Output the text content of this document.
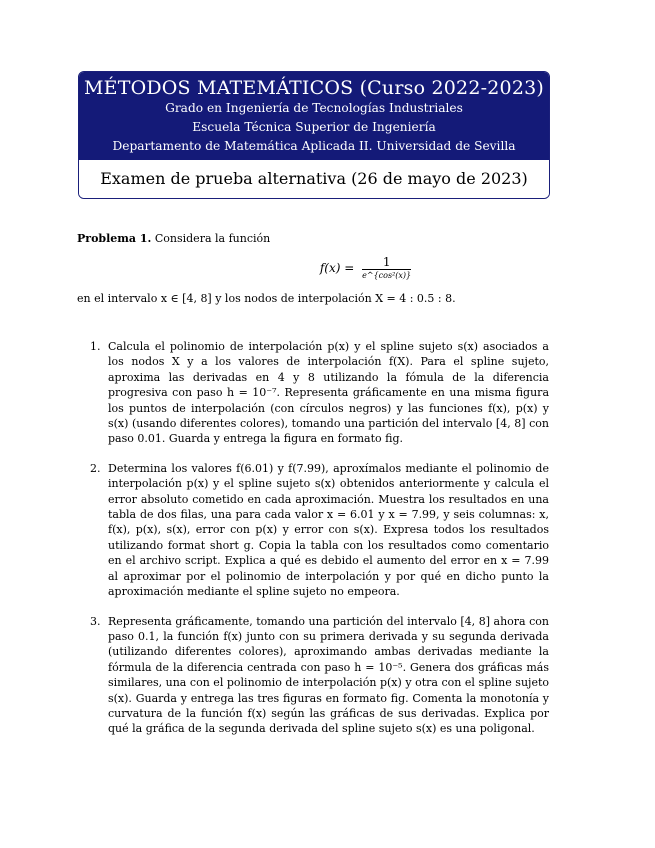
MÉTODOS MATEMÁTICOS (Curso 2022-2023)
Grado en Ingeniería de Tecnologías Industriales
Escuela Técnica Superior de Ingeniería
Departamento de Matemática Aplicada II. Universidad de Sevilla
Examen de prueba alternativa (26 de mayo de 2023)
Problema 1. Considera la función
$f(x) = \frac{1}{\text{e\textasciicircum{}\{cos²(x)\}}}$
en el intervalo x ∈ [4, 8] y los nodos de interpolación X = 4 : 0.5 : 8.
1. Calcula el polinomio de interpolación p(x) y el spline sujeto s(x) asociados a los nodos X y a los valores de interpolación f(X). Para el spline sujeto, aproxima las derivadas en 4 y 8 utilizando la fómula de la diferencia progresiva con paso h = 10⁻⁷. Representa gráficamente en una misma figura los puntos de interpolación (con círculos negros) y las funciones f(x), p(x) y s(x) (usando diferentes colores), tomando una partición del intervalo [4, 8] con paso 0.01. Guarda y entrega la figura en formato fig.
2. Determina los valores f(6.01) y f(7.99), aproxímalos mediante el polinomio de interpolación p(x) y el spline sujeto s(x) obtenidos anteriormente y calcula el error absoluto cometido en cada aproximación. Muestra los resultados en una tabla de dos filas, una para cada valor x = 6.01 y x = 7.99, y seis columnas: x, f(x), p(x), s(x), error con p(x) y error con s(x). Expresa todos los resultados utilizando format short g. Copia la tabla con los resultados como comentario en el archivo script. Explica a qué es debido el aumento del error en x = 7.99 al aproximar por el polinomio de interpolación y por qué en dicho punto la aproximación mediante el spline sujeto no empeora.
3. Representa gráficamente, tomando una partición del intervalo [4, 8] ahora con paso 0.1, la función f(x) junto con su primera derivada y su segunda derivada (utilizando diferentes colores), aproximando ambas derivadas mediante la fórmula de la diferencia centrada con paso h = 10⁻⁵. Genera dos gráficas más similares, una con el polinomio de interpolación p(x) y otra con el spline sujeto s(x). Guarda y entrega las tres figuras en formato fig. Comenta la monotonía y curvatura de la función f(x) según las gráficas de sus derivadas. Explica por qué la gráfica de la segunda derivada del spline sujeto s(x) es una poligonal.
